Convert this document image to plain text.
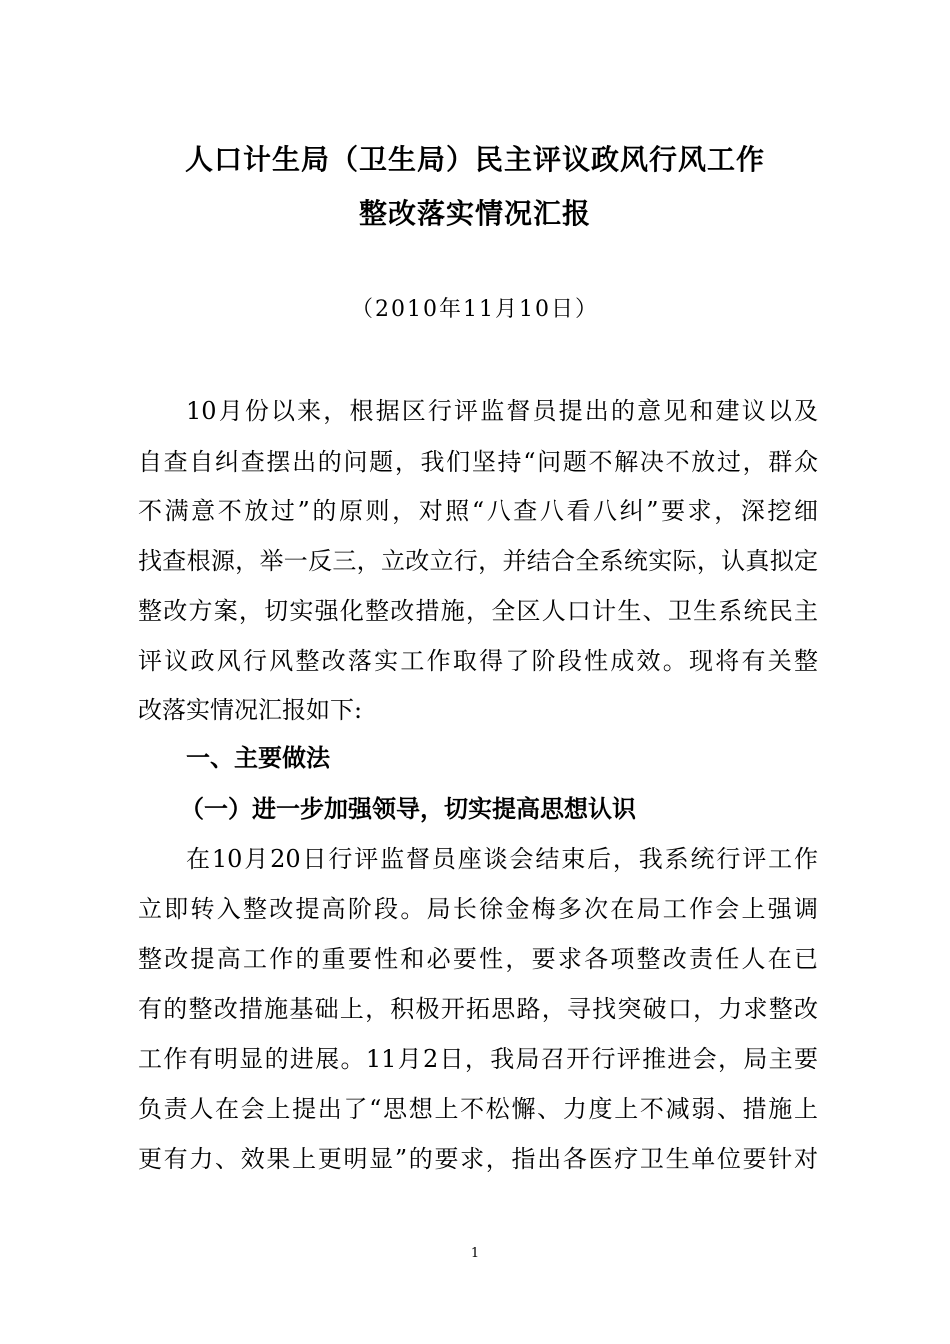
人口计生局（卫生局）民主评议政风行风工作
整改落实情况汇报
（2010年11月10日）
10月份以来，根据区行评监督员提出的意见和建议以及
自查自纠查摆出的问题，我们坚持“问题不解决不放过，群众
不满意不放过”的原则，对照“八查八看八纠”要求，深挖细
找查根源，举一反三，立改立行，并结合全系统实际，认真拟定
整改方案，切实强化整改措施，全区人口计生、卫生系统民主
评议政风行风整改落实工作取得了阶段性成效。现将有关整
改落实情况汇报如下:
一、主要做法
（一）进一步加强领导，切实提高思想认识
在10月20日行评监督员座谈会结束后，我系统行评工作
立即转入整改提高阶段。局长徐金梅多次在局工作会上强调
整改提高工作的重要性和必要性，要求各项整改责任人在已
有的整改措施基础上，积极开拓思路，寻找突破口，力求整改
工作有明显的进展。11月2日，我局召开行评推进会，局主要
负责人在会上提出了“思想上不松懈、力度上不减弱、措施上
更有力、效果上更明显”的要求，指出各医疗卫生单位要针对
1
